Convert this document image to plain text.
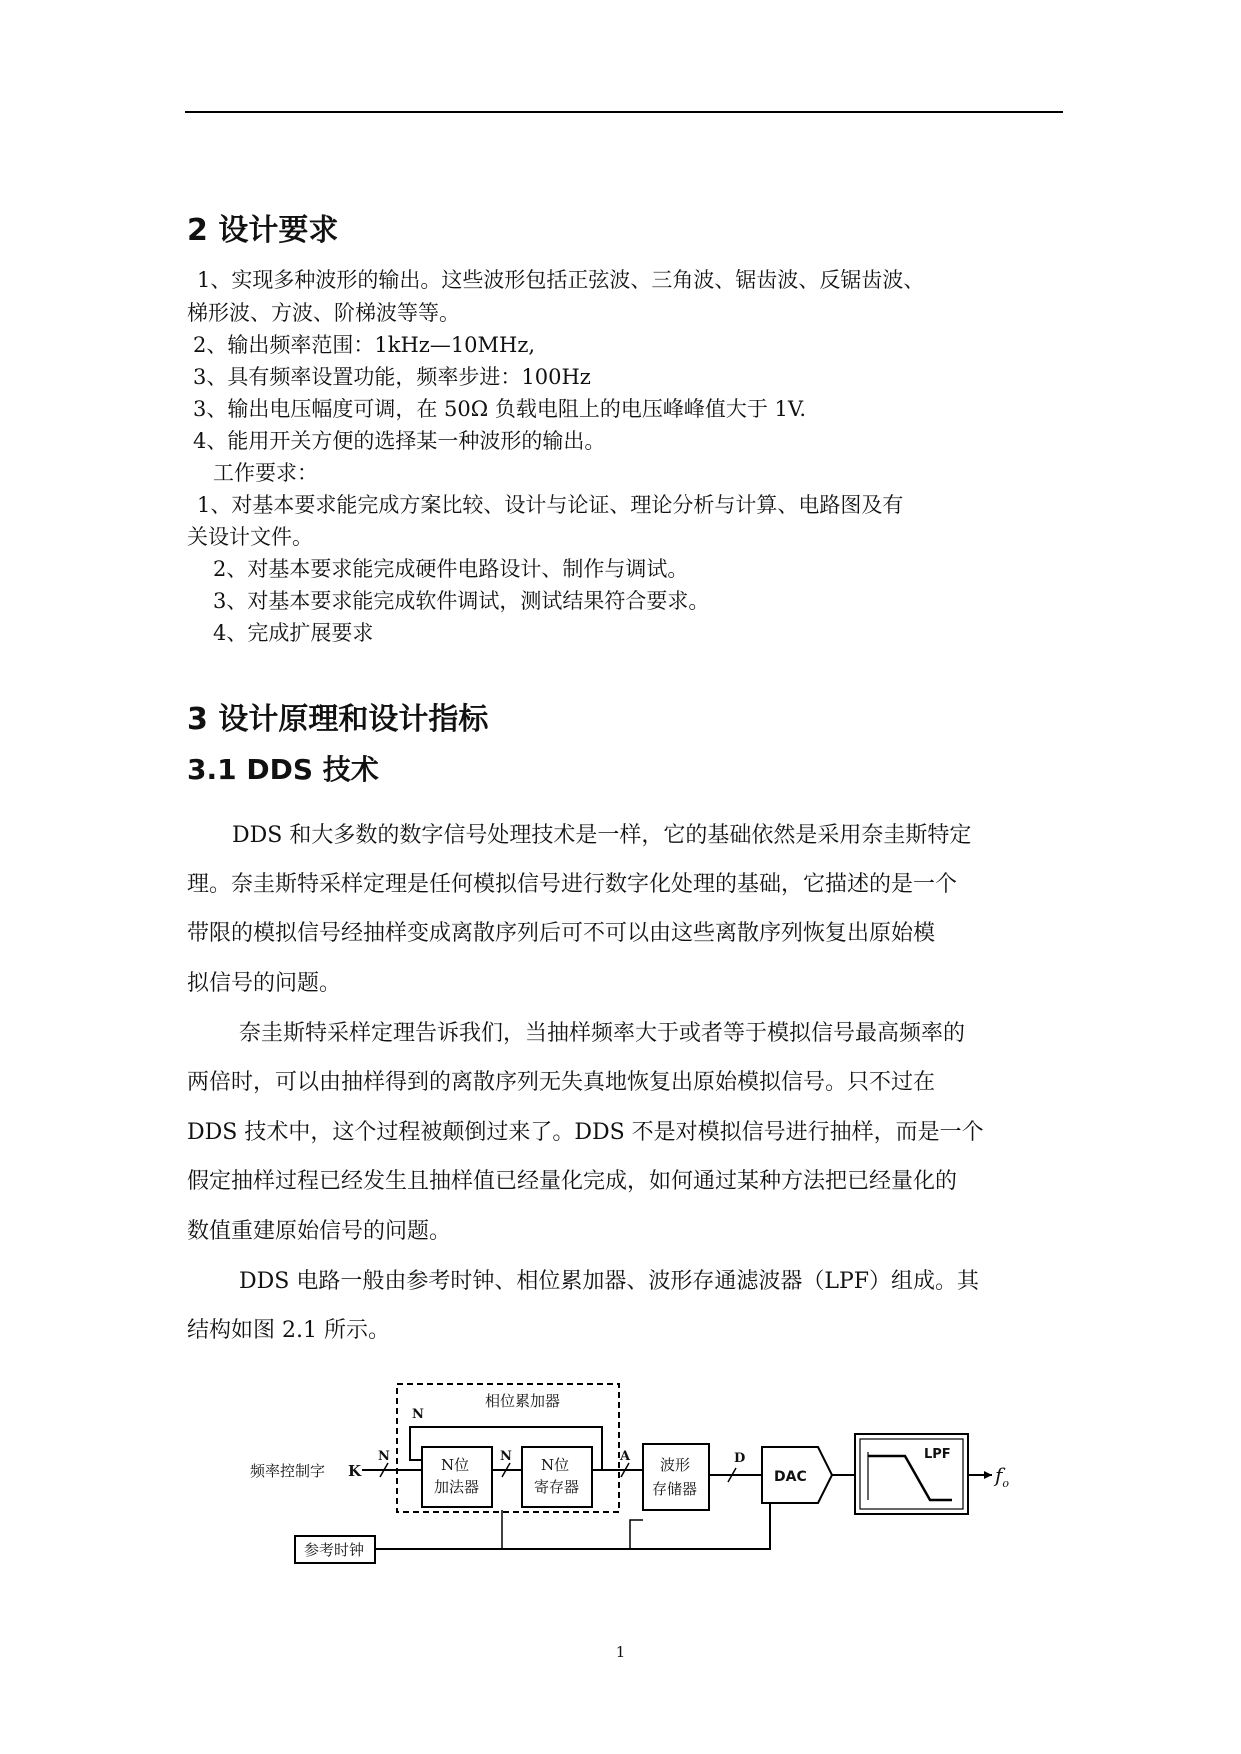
2 设计要求
1、实现多种波形的输出。这些波形包括正弦波、三角波、锯齿波、反锯齿波、
梯形波、方波、阶梯波等等。
2、输出频率范围：1kHz—10MHz,
3、具有频率设置功能，频率步进：100Hz
3、输出电压幅度可调，在 50Ω 负载电阻上的电压峰峰值大于 1V.
4、能用开关方便的选择某一种波形的输出。
工作要求：
1、对基本要求能完成方案比较、设计与论证、理论分析与计算、电路图及有
关设计文件。
2、对基本要求能完成硬件电路设计、制作与调试。
3、对基本要求能完成软件调试，测试结果符合要求。
4、完成扩展要求
3 设计原理和设计指标
3.1 DDS 技术
DDS 和大多数的数字信号处理技术是一样，它的基础依然是采用奈圭斯特定
理。奈圭斯特采样定理是任何模拟信号进行数字化处理的基础，它描述的是一个
带限的模拟信号经抽样变成离散序列后可不可以由这些离散序列恢复出原始模
拟信号的问题。
奈圭斯特采样定理告诉我们，当抽样频率大于或者等于模拟信号最高频率的
两倍时，可以由抽样得到的离散序列无失真地恢复出原始模拟信号。只不过在
DDS 技术中，这个过程被颠倒过来了。DDS 不是对模拟信号进行抽样，而是一个
假定抽样过程已经发生且抽样值已经量化完成，如何通过某种方法把已经量化的
数值重建原始信号的问题。
DDS 电路一般由参考时钟、相位累加器、波形存通滤波器（LPF）组成。其
结构如图 2.1 所示。
相位累加器
频率控制字 K
N	N位
加法器
N N位
寄存器
N
A 波形
存储器
D
DAC
LPF
$f_o$
参考时钟
1
